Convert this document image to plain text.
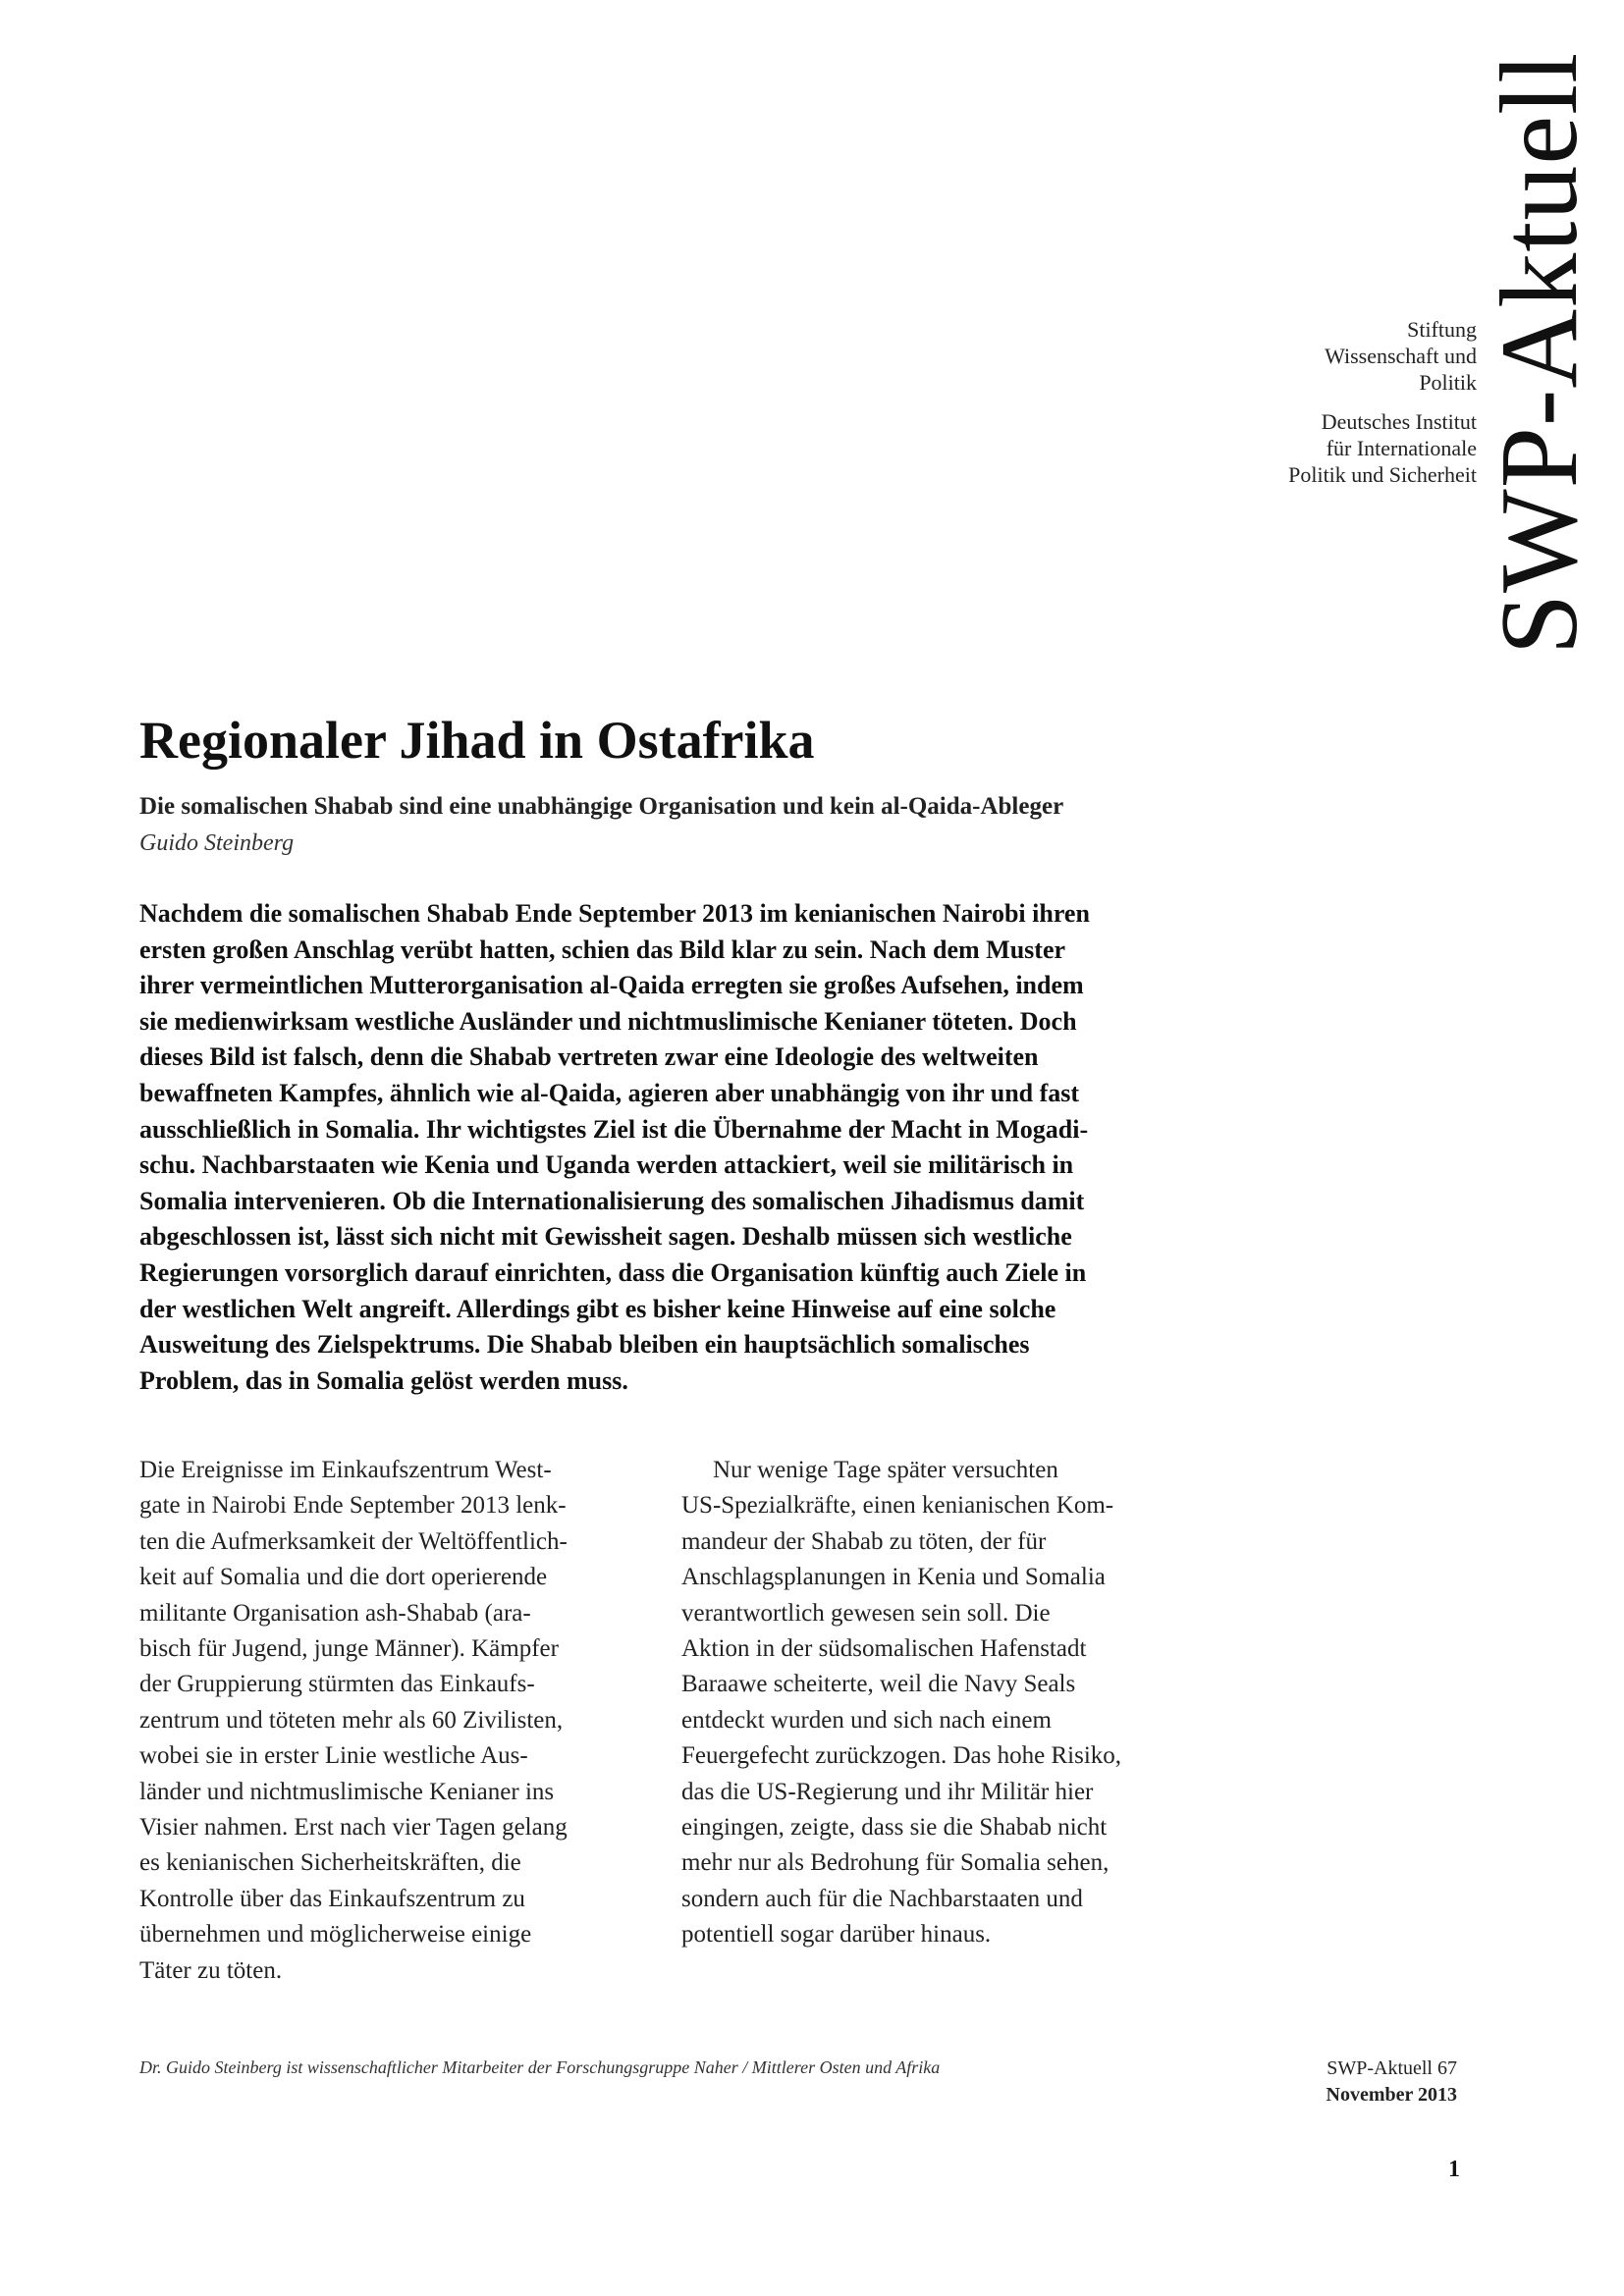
SWP-Aktuell
Stiftung
Wissenschaft und
Politik
Deutsches Institut
für Internationale
Politik und Sicherheit
Regionaler Jihad in Ostafrika
Die somalischen Shabab sind eine unabhängige Organisation und kein al-Qaida-Ableger
Guido Steinberg
Nachdem die somalischen Shabab Ende September 2013 im kenianischen Nairobi ihren
ersten großen Anschlag verübt hatten, schien das Bild klar zu sein. Nach dem Muster
ihrer vermeintlichen Mutterorganisation al-Qaida erregten sie großes Aufsehen, indem
sie medienwirksam westliche Ausländer und nichtmuslimische Kenianer töteten. Doch
dieses Bild ist falsch, denn die Shabab vertreten zwar eine Ideologie des weltweiten
bewaffneten Kampfes, ähnlich wie al-Qaida, agieren aber unabhängig von ihr und fast
ausschließlich in Somalia. Ihr wichtigstes Ziel ist die Übernahme der Macht in Mogadi-
schu. Nachbarstaaten wie Kenia und Uganda werden attackiert, weil sie militärisch in
Somalia intervenieren. Ob die Internationalisierung des somalischen Jihadismus damit
abgeschlossen ist, lässt sich nicht mit Gewissheit sagen. Deshalb müssen sich westliche
Regierungen vorsorglich darauf einrichten, dass die Organisation künftig auch Ziele in
der westlichen Welt angreift. Allerdings gibt es bisher keine Hinweise auf eine solche
Ausweitung des Zielspektrums. Die Shabab bleiben ein hauptsächlich somalisches
Problem, das in Somalia gelöst werden muss.
Die Ereignisse im Einkaufszentrum West-
gate in Nairobi Ende September 2013 lenk-
ten die Aufmerksamkeit der Weltöffentlich-
keit auf Somalia und die dort operierende
militante Organisation ash-Shabab (ara-
bisch für Jugend, junge Männer). Kämpfer
der Gruppierung stürmten das Einkaufs-
zentrum und töteten mehr als 60 Zivilisten,
wobei sie in erster Linie westliche Aus-
länder und nichtmuslimische Kenianer ins
Visier nahmen. Erst nach vier Tagen gelang
es kenianischen Sicherheitskräften, die
Kontrolle über das Einkaufszentrum zu
übernehmen und möglicherweise einige
Täter zu töten.
Nur wenige Tage später versuchten
US-Spezialkräfte, einen kenianischen Kom-
mandeur der Shabab zu töten, der für
Anschlagsplanungen in Kenia und Somalia
verantwortlich gewesen sein soll. Die
Aktion in der südsomalischen Hafenstadt
Baraawe scheiterte, weil die Navy Seals
entdeckt wurden und sich nach einem
Feuergefecht zurückzogen. Das hohe Risiko,
das die US-Regierung und ihr Militär hier
eingingen, zeigte, dass sie die Shabab nicht
mehr nur als Bedrohung für Somalia sehen,
sondern auch für die Nachbarstaaten und
potentiell sogar darüber hinaus.
Dr. Guido Steinberg ist wissenschaftlicher Mitarbeiter der Forschungsgruppe Naher / Mittlerer Osten und Afrika	SWP-Aktuell 67
November 2013
1
